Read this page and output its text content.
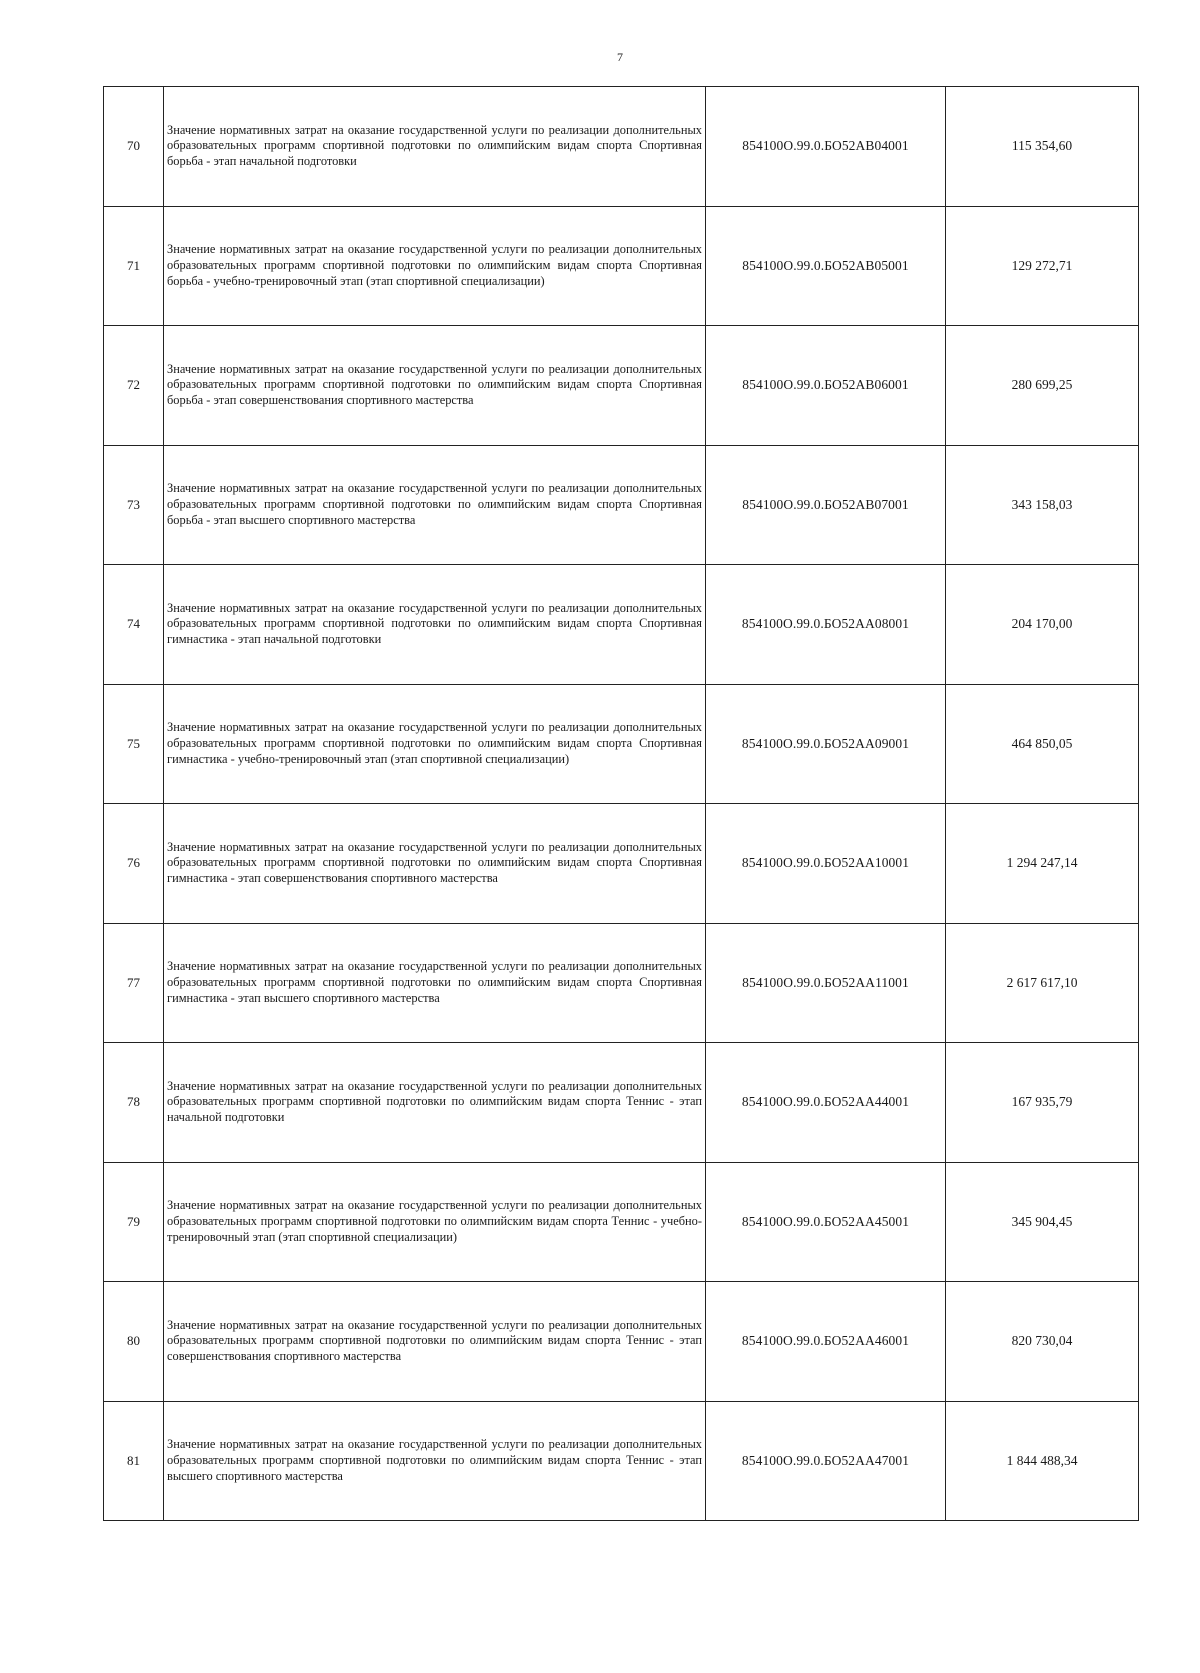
7
70	Значение нормативных затрат на оказание государственной услуги по реализации дополнительных образовательных программ спортивной подготовки по олимпийским видам спорта Спортивная борьба - этап начальной подготовки	854100О.99.0.БО52АВ04001	115 354,60
71	Значение нормативных затрат на оказание государственной услуги по реализации дополнительных образовательных программ спортивной подготовки по олимпийским видам спорта Спортивная борьба - учебно-тренировочный этап (этап спортивной специализации)	854100О.99.0.БО52АВ05001	129 272,71
72	Значение нормативных затрат на оказание государственной услуги по реализации дополнительных образовательных программ спортивной подготовки по олимпийским видам спорта Спортивная борьба - этап совершенствования спортивного мастерства	854100О.99.0.БО52АВ06001	280 699,25
73	Значение нормативных затрат на оказание государственной услуги по реализации дополнительных образовательных программ спортивной подготовки по олимпийским видам спорта Спортивная борьба - этап высшего спортивного мастерства	854100О.99.0.БО52АВ07001	343 158,03
74	Значение нормативных затрат на оказание государственной услуги по реализации дополнительных образовательных программ спортивной подготовки по олимпийским видам спорта Спортивная гимнастика - этап начальной подготовки	854100О.99.0.БО52АА08001	204 170,00
75	Значение нормативных затрат на оказание государственной услуги по реализации дополнительных образовательных программ спортивной подготовки по олимпийским видам спорта Спортивная гимнастика - учебно-тренировочный этап (этап спортивной специализации)	854100О.99.0.БО52АА09001	464 850,05
76	Значение нормативных затрат на оказание государственной услуги по реализации дополнительных образовательных программ спортивной подготовки по олимпийским видам спорта Спортивная гимнастика - этап совершенствования спортивного мастерства	854100О.99.0.БО52АА10001	1 294 247,14
77	Значение нормативных затрат на оказание государственной услуги по реализации дополнительных образовательных программ спортивной подготовки по олимпийским видам спорта Спортивная гимнастика - этап высшего спортивного мастерства	854100О.99.0.БО52АА11001	2 617 617,10
78	Значение нормативных затрат на оказание государственной услуги по реализации дополнительных образовательных программ спортивной подготовки по олимпийским видам спорта Теннис - этап начальной подготовки	854100О.99.0.БО52АА44001	167 935,79
79	Значение нормативных затрат на оказание государственной услуги по реализации дополнительных образовательных программ спортивной подготовки по олимпийским видам спорта Теннис - учебно-тренировочный этап (этап спортивной специализации)	854100О.99.0.БО52АА45001	345 904,45
80	Значение нормативных затрат на оказание государственной услуги по реализации дополнительных образовательных программ спортивной подготовки по олимпийским видам спорта Теннис - этап совершенствования спортивного мастерства	854100О.99.0.БО52АА46001	820 730,04
81	Значение нормативных затрат на оказание государственной услуги по реализации дополнительных образовательных программ спортивной подготовки по олимпийским видам спорта Теннис - этап высшего спортивного мастерства	854100О.99.0.БО52АА47001	1 844 488,34
